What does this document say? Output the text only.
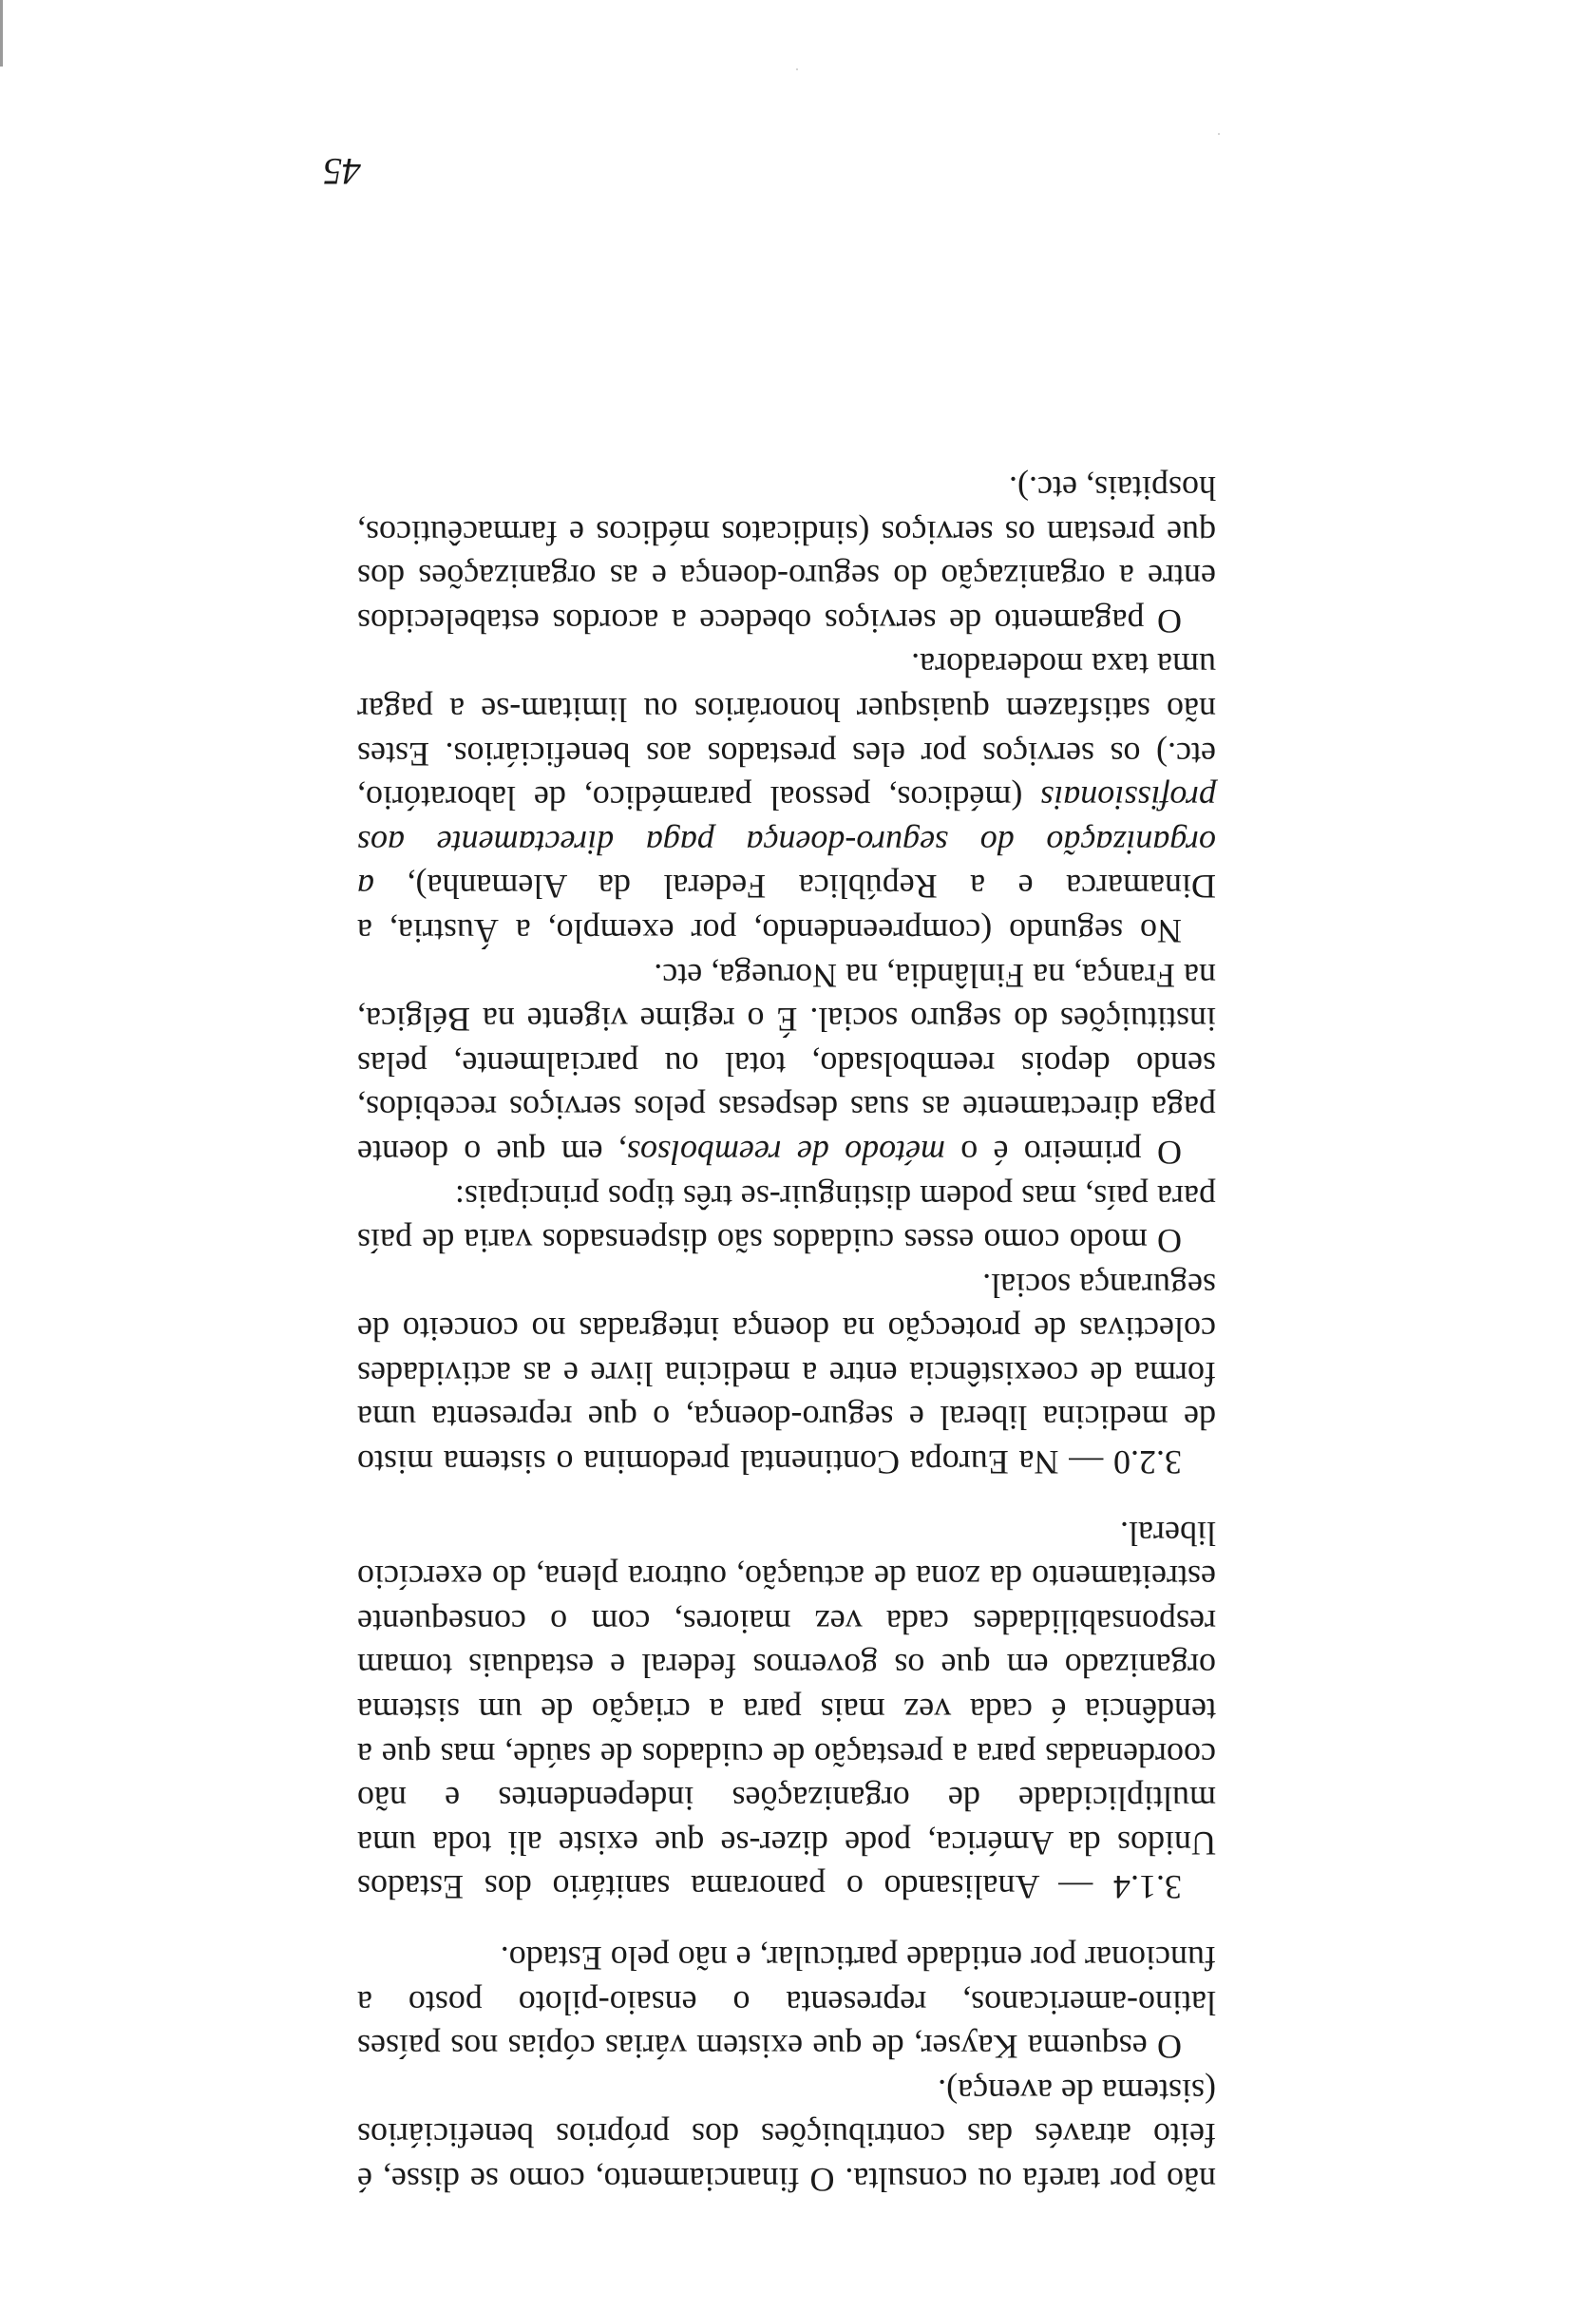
não por tarefa ou consulta. O financiamento, como se disse, é feito através das contribuições dos próprios beneficiários (sistema de avença).

O esquema Kayser, de que existem várias cópias nos países latino-americanos, representa o ensaio-piloto posto a funcionar por entidade particular, e não pelo Estado.

3.1.4 — Analisando o panorama sanitário dos Estados Unidos da América, pode dizer-se que existe ali toda uma multiplicidade de organizações independentes e não coordenadas para a prestação de cuidados de saúde, mas que a tendência é cada vez mais para a criação de um sistema organizado em que os governos federal e estaduais tomam responsabilidades cada vez maiores, com o consequente estreitamento da zona de actuação, outrora plena, do exercício liberal.

3.2.0 — Na Europa Continental predomina o sistema misto de medicina liberal e seguro-doença, o que representa uma forma de coexistência entre a medicina livre e as actividades colectivas de protecção na doença integradas no conceito de segurança social.

O modo como esses cuidados são dispensados varia de país para país, mas podem distinguir-se três tipos principais:

O primeiro é o método de reembolsos, em que o doente paga directamente as suas despesas pelos serviços recebidos, sendo depois reembolsado, total ou parcialmente, pelas instituições do seguro social. É o regime vigente na Bélgica, na França, na Finlândia, na Noruega, etc.

No segundo (compreendendo, por exemplo, a Áustria, a Dinamarca e a República Federal da Alemanha), a organização do seguro-doença paga directamente aos profissionais (médicos, pessoal paramédico, de laboratório, etc.) os serviços por eles prestados aos beneficiários. Estes não satisfazem quaisquer honorários ou limitam-se a pagar uma taxa moderadora.

O pagamento de serviços obedece a acordos estabelecidos entre a organização do seguro-doença e as organizações dos que prestam os serviços (sindicatos médicos e farmacêuticos, hospitais, etc.).

45
